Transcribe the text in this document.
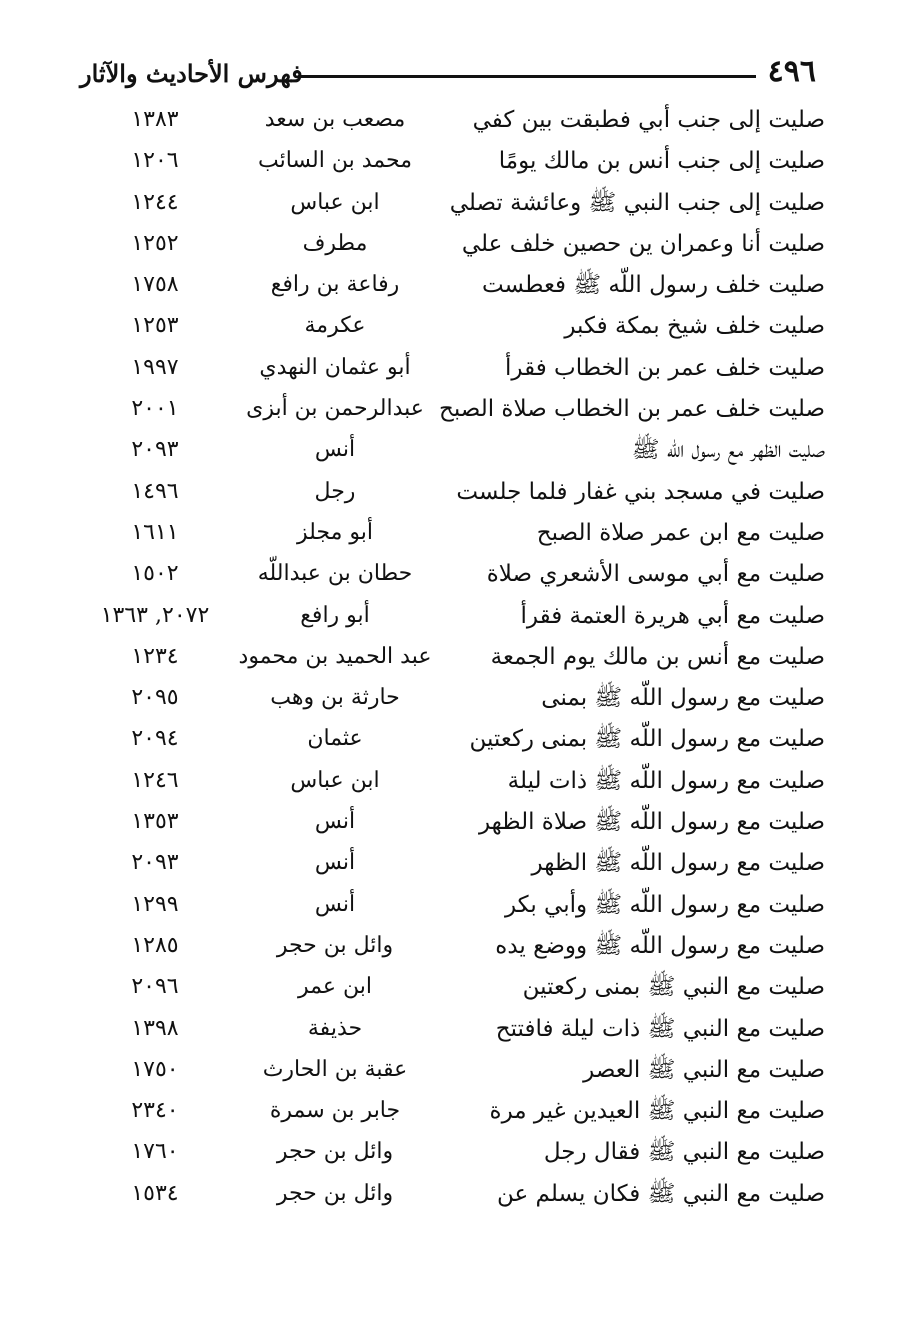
٤٩٦
فهرس الأحاديث والآثار
صليت إلى جنب أبي فطبقت بين كفي
مصعب بن سعد
١٣٨٣
صليت إلى جنب أنس بن مالك يومًا
محمد بن السائب
١٢٠٦
صليت إلى جنب النبي ﷺ وعائشة تصلي
ابن عباس
١٢٤٤
صليت أنا وعمران ين حصين خلف علي
مطرف
١٢٥٢
صليت خلف رسول اللّه ﷺ فعطست
رفاعة بن رافع
١٧٥٨
صليت خلف شيخ بمكة فكبر
عكرمة
١٢٥٣
صليت خلف عمر بن الخطاب فقرأ
أبو عثمان النهدي
١٩٩٧
صليت خلف عمر بن الخطاب صلاة الصبح
عبدالرحمن بن أبزى
٢٠٠١
صليت الظهر مع رسول اللّه ﷺ
أنس
٢٠٩٣
صليت في مسجد بني غفار فلما جلست
رجل
١٤٩٦
صليت مع ابن عمر صلاة الصبح
أبو مجلز
١٦١١
صليت مع أبي موسى الأشعري صلاة
حطان بن عبداللّه
١٥٠٢
صليت مع أبي هريرة العتمة فقرأ
أبو رافع
٢٠٧٢, ١٣٦٣
صليت مع أنس بن مالك يوم الجمعة
عبد الحميد بن محمود
١٢٣٤
صليت مع رسول اللّه ﷺ بمنى
حارثة بن وهب
٢٠٩٥
صليت مع رسول اللّه ﷺ بمنى ركعتين
عثمان
٢٠٩٤
صليت مع رسول اللّه ﷺ ذات ليلة
ابن عباس
١٢٤٦
صليت مع رسول اللّه ﷺ صلاة الظهر
أنس
١٣٥٣
صليت مع رسول اللّه ﷺ الظهر
أنس
٢٠٩٣
صليت مع رسول اللّه ﷺ وأبي بكر
أنس
١٢٩٩
صليت مع رسول اللّه ﷺ ووضع يده
وائل بن حجر
١٢٨٥
صليت مع النبي ﷺ بمنى ركعتين
ابن عمر
٢٠٩٦
صليت مع النبي ﷺ ذات ليلة فافتتح
حذيفة
١٣٩٨
صليت مع النبي ﷺ العصر
عقبة بن الحارث
١٧٥٠
صليت مع النبي ﷺ العيدين غير مرة
جابر بن سمرة
٢٣٤٠
صليت مع النبي ﷺ فقال رجل
وائل بن حجر
١٧٦٠
صليت مع النبي ﷺ فكان يسلم عن
وائل بن حجر
١٥٣٤
